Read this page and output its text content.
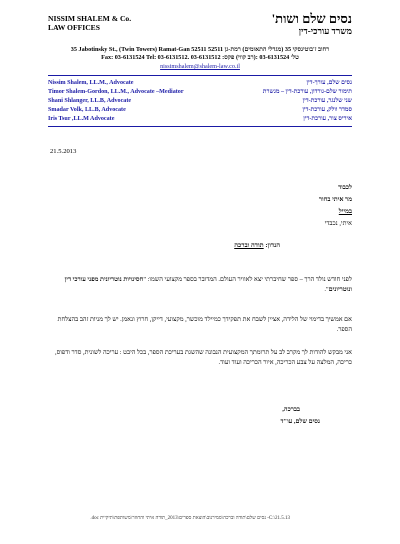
NISSIM SHALEM & Co.
LAW OFFICES
נסים שלם ושות'
משרד עורכי-דין
35 Jabotinsky St., (Twin Towers) Ramat-Gan 52511 רחוב ז'בוטינסקי 35 (מגדלי התאומים) רמת-גן 52511
Fax: 03-6131524 Tel: 03-6131512. 03-6131512 :טל׳ 03-6131524 :(רב קווי) פקס
nissimshalem@shalem-law.co.il
Nissim Shalem, LL.M., Advocate
Timor Shalem-Gordon, LL.M., Advocate –Mediator
Shani Shlanger, LL.B, Advocate
Smadar Volk, LL.B, Advocate
Iris Tsur ,LL.M Advocate
נסים שלם, עורך-דין
תימור שלם-גורדון, עורכת-דין – מגשרת
שני שלנגר, עורכת-דין
סמדר וולק, עורכת-דין
איריס צור, עורכת-דין
21.5.2013
לכבוד
מר איתי בחור
במייל
איתי, נכבדי
הנדון: תודה וברכה
לפני חודש נולד הרך – ספר שחיברתי יצא לאוויר העולם. המדובר בספר מקצועי השמו: "חסינויות נוטריונית מפני עורכי דין ונוטריונים".
אם אמשיך בדימוי של הלידה, אציין לשבח את תפקידך כמיילד מוכשר, מקצועי, דייקן, חרוץ ונאמן. יש לך מניות זהב בהצלחת הספר.
אני מבקש להודות לך מקרב לב על תרומתך המקצועית הנבונה שהשגת בעריכת הספר, בכל היבט : עריכה לשונית, סדר ודפוס, כריכה, המלצה על צבע הכריכה, איור הכריכה ועוד ועוד.
בברכה,
נסים שלם, עו"ד
C:\21.5.13- נסים שלם\תודה וברכה\סמירנוב\הוצאת ספרים\2013_תודה איתי והחוזר\משותפת\תיקיית doc.
